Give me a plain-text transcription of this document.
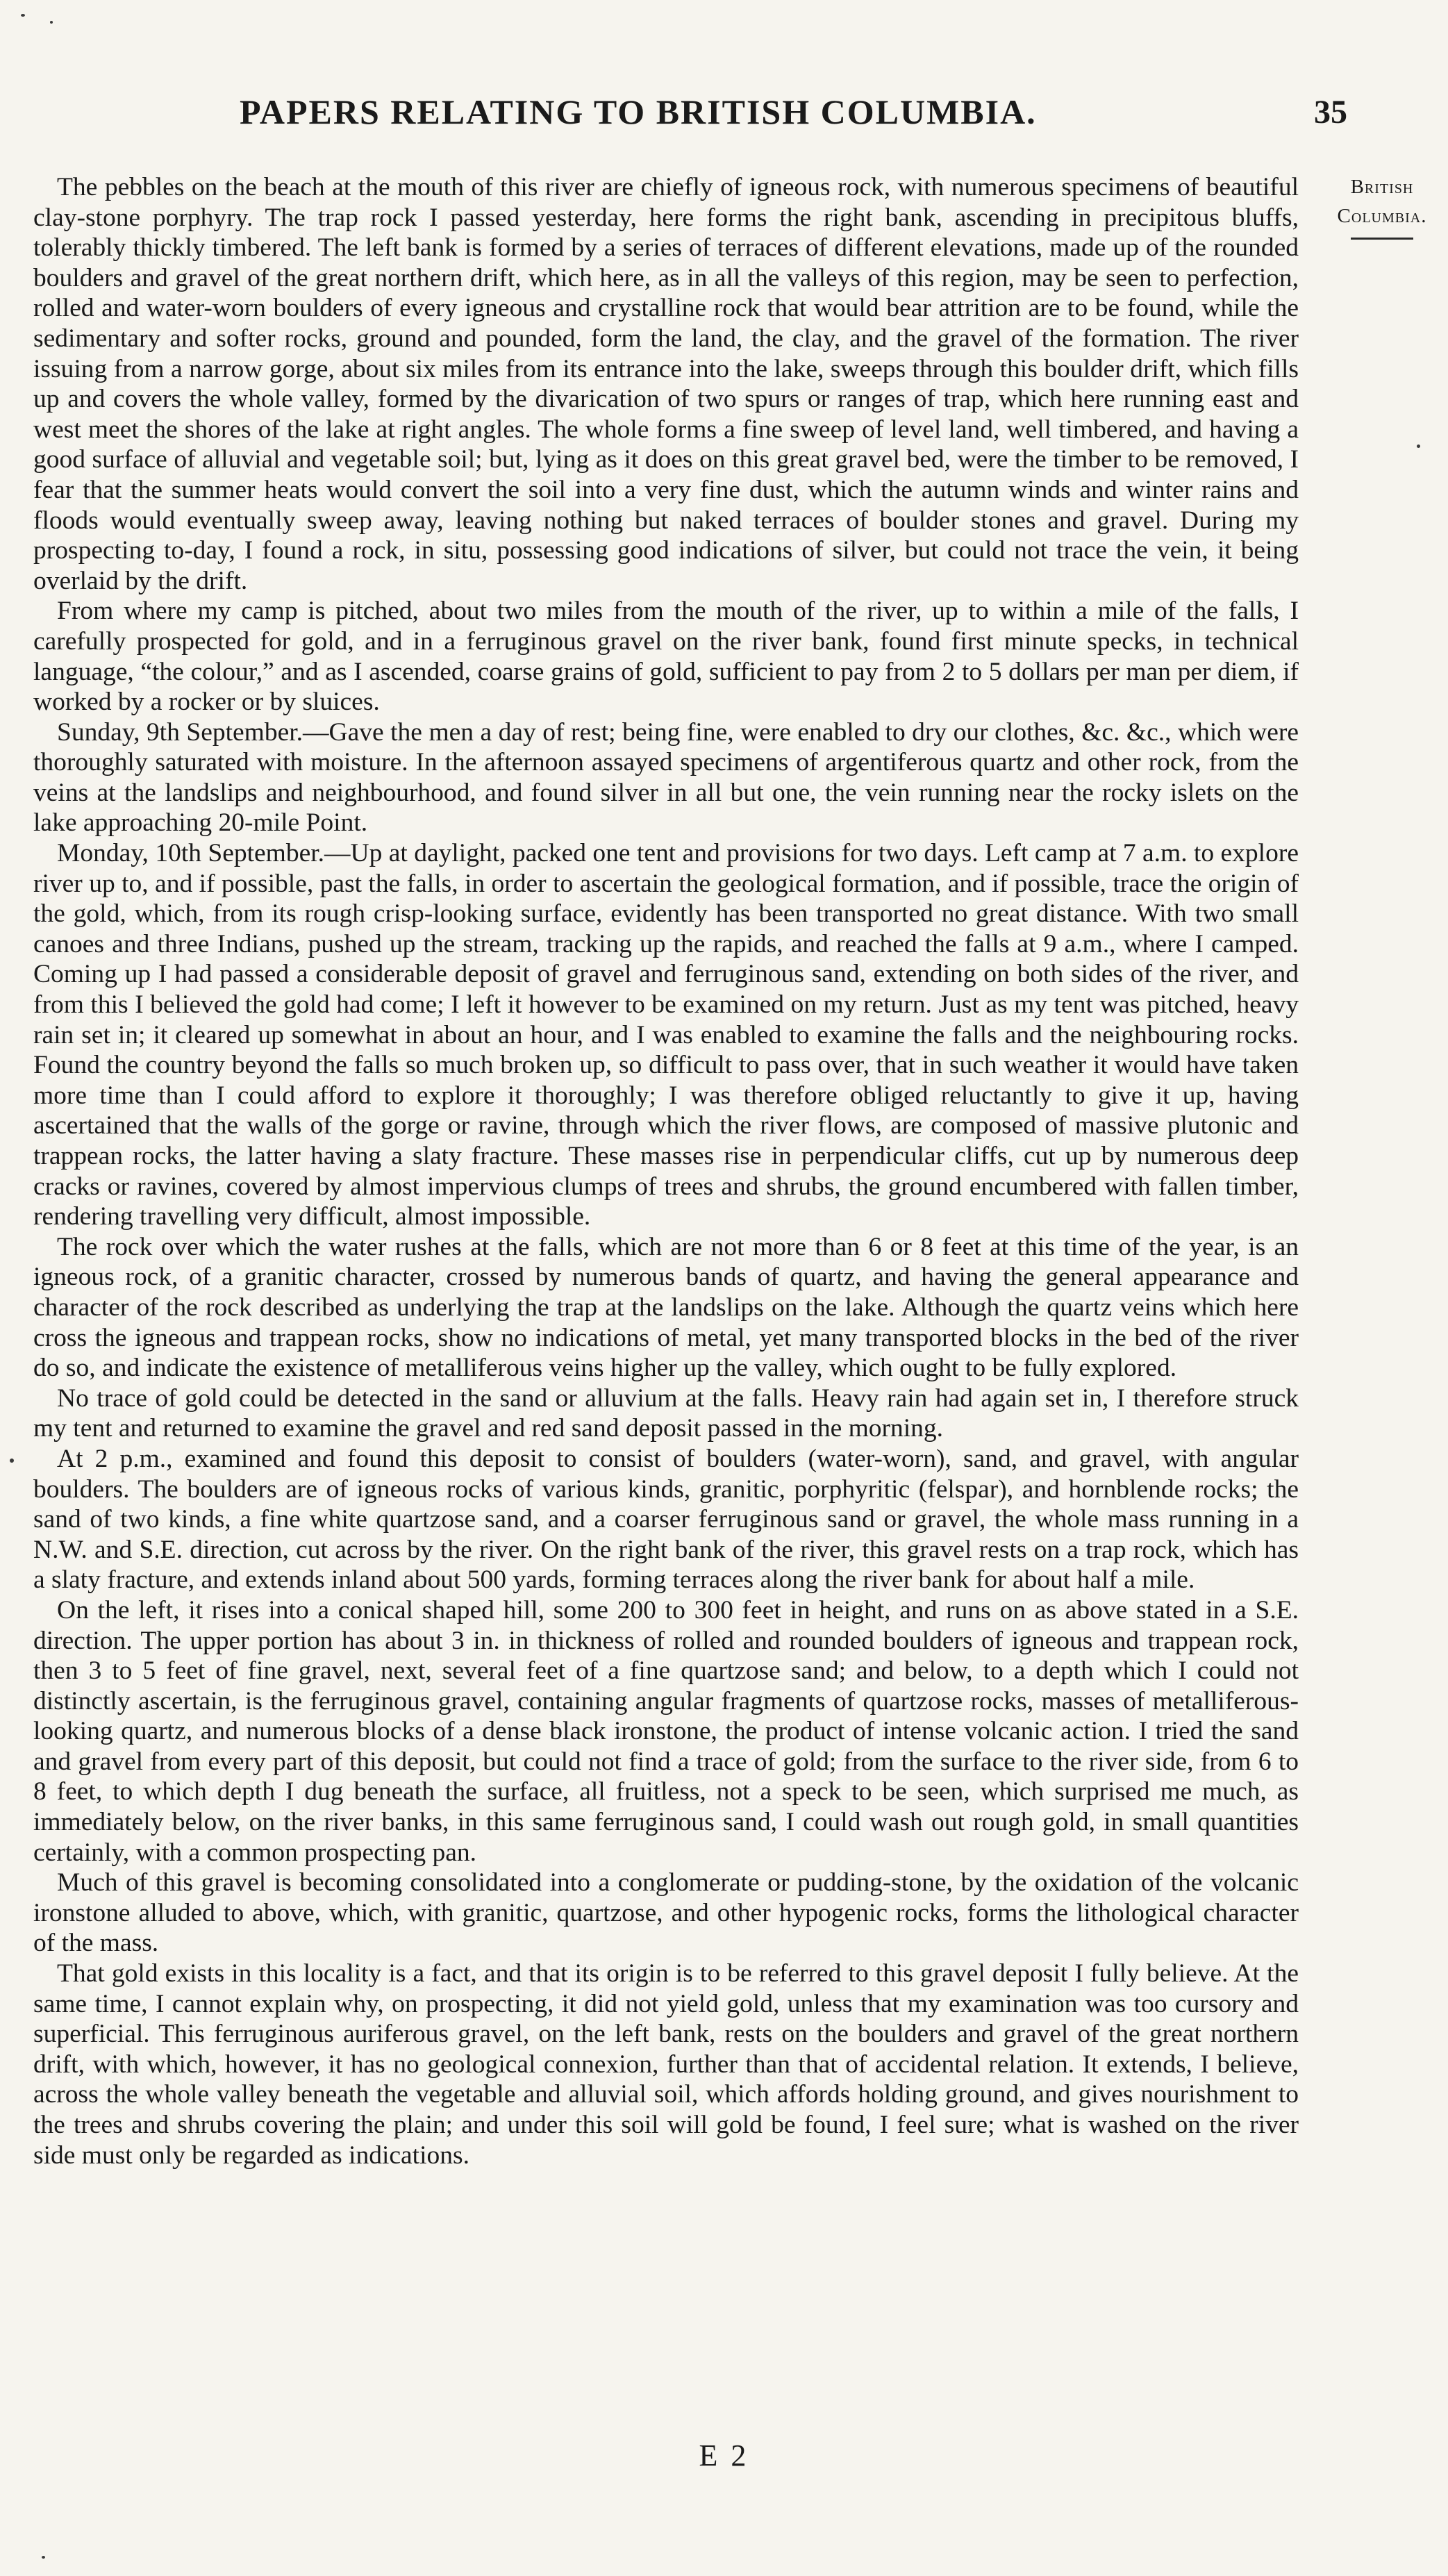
PAPERS RELATING TO BRITISH COLUMBIA.	35
British
Columbia.

The pebbles on the beach at the mouth of this river are chiefly of igneous rock, with numerous specimens of beautiful clay-stone porphyry. The trap rock I passed yesterday, here forms the right bank, ascending in precipitous bluffs, tolerably thickly timbered. The left bank is formed by a series of terraces of different elevations, made up of the rounded boulders and gravel of the great northern drift, which here, as in all the valleys of this region, may be seen to perfection, rolled and water-worn boulders of every igneous and crystalline rock that would bear attrition are to be found, while the sedimentary and softer rocks, ground and pounded, form the land, the clay, and the gravel of the formation. The river issuing from a narrow gorge, about six miles from its entrance into the lake, sweeps through this boulder drift, which fills up and covers the whole valley, formed by the divarication of two spurs or ranges of trap, which here running east and west meet the shores of the lake at right angles. The whole forms a fine sweep of level land, well timbered, and having a good surface of alluvial and vegetable soil; but, lying as it does on this great gravel bed, were the timber to be removed, I fear that the summer heats would convert the soil into a very fine dust, which the autumn winds and winter rains and floods would eventually sweep away, leaving nothing but naked terraces of boulder stones and gravel. During my prospecting to-day, I found a rock, in situ, possessing good indications of silver, but could not trace the vein, it being overlaid by the drift.

From where my camp is pitched, about two miles from the mouth of the river, up to within a mile of the falls, I carefully prospected for gold, and in a ferruginous gravel on the river bank, found first minute specks, in technical language, “the colour,” and as I ascended, coarse grains of gold, sufficient to pay from 2 to 5 dollars per man per diem, if worked by a rocker or by sluices.

Sunday, 9th September.—Gave the men a day of rest; being fine, were enabled to dry our clothes, &c. &c., which were thoroughly saturated with moisture. In the afternoon assayed specimens of argentiferous quartz and other rock, from the veins at the landslips and neighbourhood, and found silver in all but one, the vein running near the rocky islets on the lake approaching 20-mile Point.

Monday, 10th September.—Up at daylight, packed one tent and provisions for two days. Left camp at 7 a.m. to explore river up to, and if possible, past the falls, in order to ascertain the geological formation, and if possible, trace the origin of the gold, which, from its rough crisp-looking surface, evidently has been transported no great distance. With two small canoes and three Indians, pushed up the stream, tracking up the rapids, and reached the falls at 9 a.m., where I camped. Coming up I had passed a considerable deposit of gravel and ferruginous sand, extending on both sides of the river, and from this I believed the gold had come; I left it however to be examined on my return. Just as my tent was pitched, heavy rain set in; it cleared up somewhat in about an hour, and I was enabled to examine the falls and the neighbouring rocks. Found the country beyond the falls so much broken up, so difficult to pass over, that in such weather it would have taken more time than I could afford to explore it thoroughly; I was therefore obliged reluctantly to give it up, having ascertained that the walls of the gorge or ravine, through which the river flows, are composed of massive plutonic and trappean rocks, the latter having a slaty fracture. These masses rise in perpendicular cliffs, cut up by numerous deep cracks or ravines, covered by almost impervious clumps of trees and shrubs, the ground encumbered with fallen timber, rendering travelling very difficult, almost impossible.

The rock over which the water rushes at the falls, which are not more than 6 or 8 feet at this time of the year, is an igneous rock, of a granitic character, crossed by numerous bands of quartz, and having the general appearance and character of the rock described as underlying the trap at the landslips on the lake. Although the quartz veins which here cross the igneous and trappean rocks, show no indications of metal, yet many transported blocks in the bed of the river do so, and indicate the existence of metalliferous veins higher up the valley, which ought to be fully explored.

No trace of gold could be detected in the sand or alluvium at the falls. Heavy rain had again set in, I therefore struck my tent and returned to examine the gravel and red sand deposit passed in the morning.

At 2 p.m., examined and found this deposit to consist of boulders (water-worn), sand, and gravel, with angular boulders. The boulders are of igneous rocks of various kinds, granitic, porphyritic (felspar), and hornblende rocks; the sand of two kinds, a fine white quartzose sand, and a coarser ferruginous sand or gravel, the whole mass running in a N.W. and S.E. direction, cut across by the river. On the right bank of the river, this gravel rests on a trap rock, which has a slaty fracture, and extends inland about 500 yards, forming terraces along the river bank for about half a mile.

On the left, it rises into a conical shaped hill, some 200 to 300 feet in height, and runs on as above stated in a S.E. direction. The upper portion has about 3 in. in thickness of rolled and rounded boulders of igneous and trappean rock, then 3 to 5 feet of fine gravel, next, several feet of a fine quartzose sand; and below, to a depth which I could not distinctly ascertain, is the ferruginous gravel, containing angular fragments of quartzose rocks, masses of metalliferous-looking quartz, and numerous blocks of a dense black ironstone, the product of intense volcanic action. I tried the sand and gravel from every part of this deposit, but could not find a trace of gold; from the surface to the river side, from 6 to 8 feet, to which depth I dug beneath the surface, all fruitless, not a speck to be seen, which surprised me much, as immediately below, on the river banks, in this same ferruginous sand, I could wash out rough gold, in small quantities certainly, with a common prospecting pan.

Much of this gravel is becoming consolidated into a conglomerate or pudding-stone, by the oxidation of the volcanic ironstone alluded to above, which, with granitic, quartzose, and other hypogenic rocks, forms the lithological character of the mass.

That gold exists in this locality is a fact, and that its origin is to be referred to this gravel deposit I fully believe. At the same time, I cannot explain why, on prospecting, it did not yield gold, unless that my examination was too cursory and superficial. This ferruginous auriferous gravel, on the left bank, rests on the boulders and gravel of the great northern drift, with which, however, it has no geological connexion, further than that of accidental relation. It extends, I believe, across the whole valley beneath the vegetable and alluvial soil, which affords holding ground, and gives nourishment to the trees and shrubs covering the plain; and under this soil will gold be found, I feel sure; what is washed on the river side must only be regarded as indications.

E 2
